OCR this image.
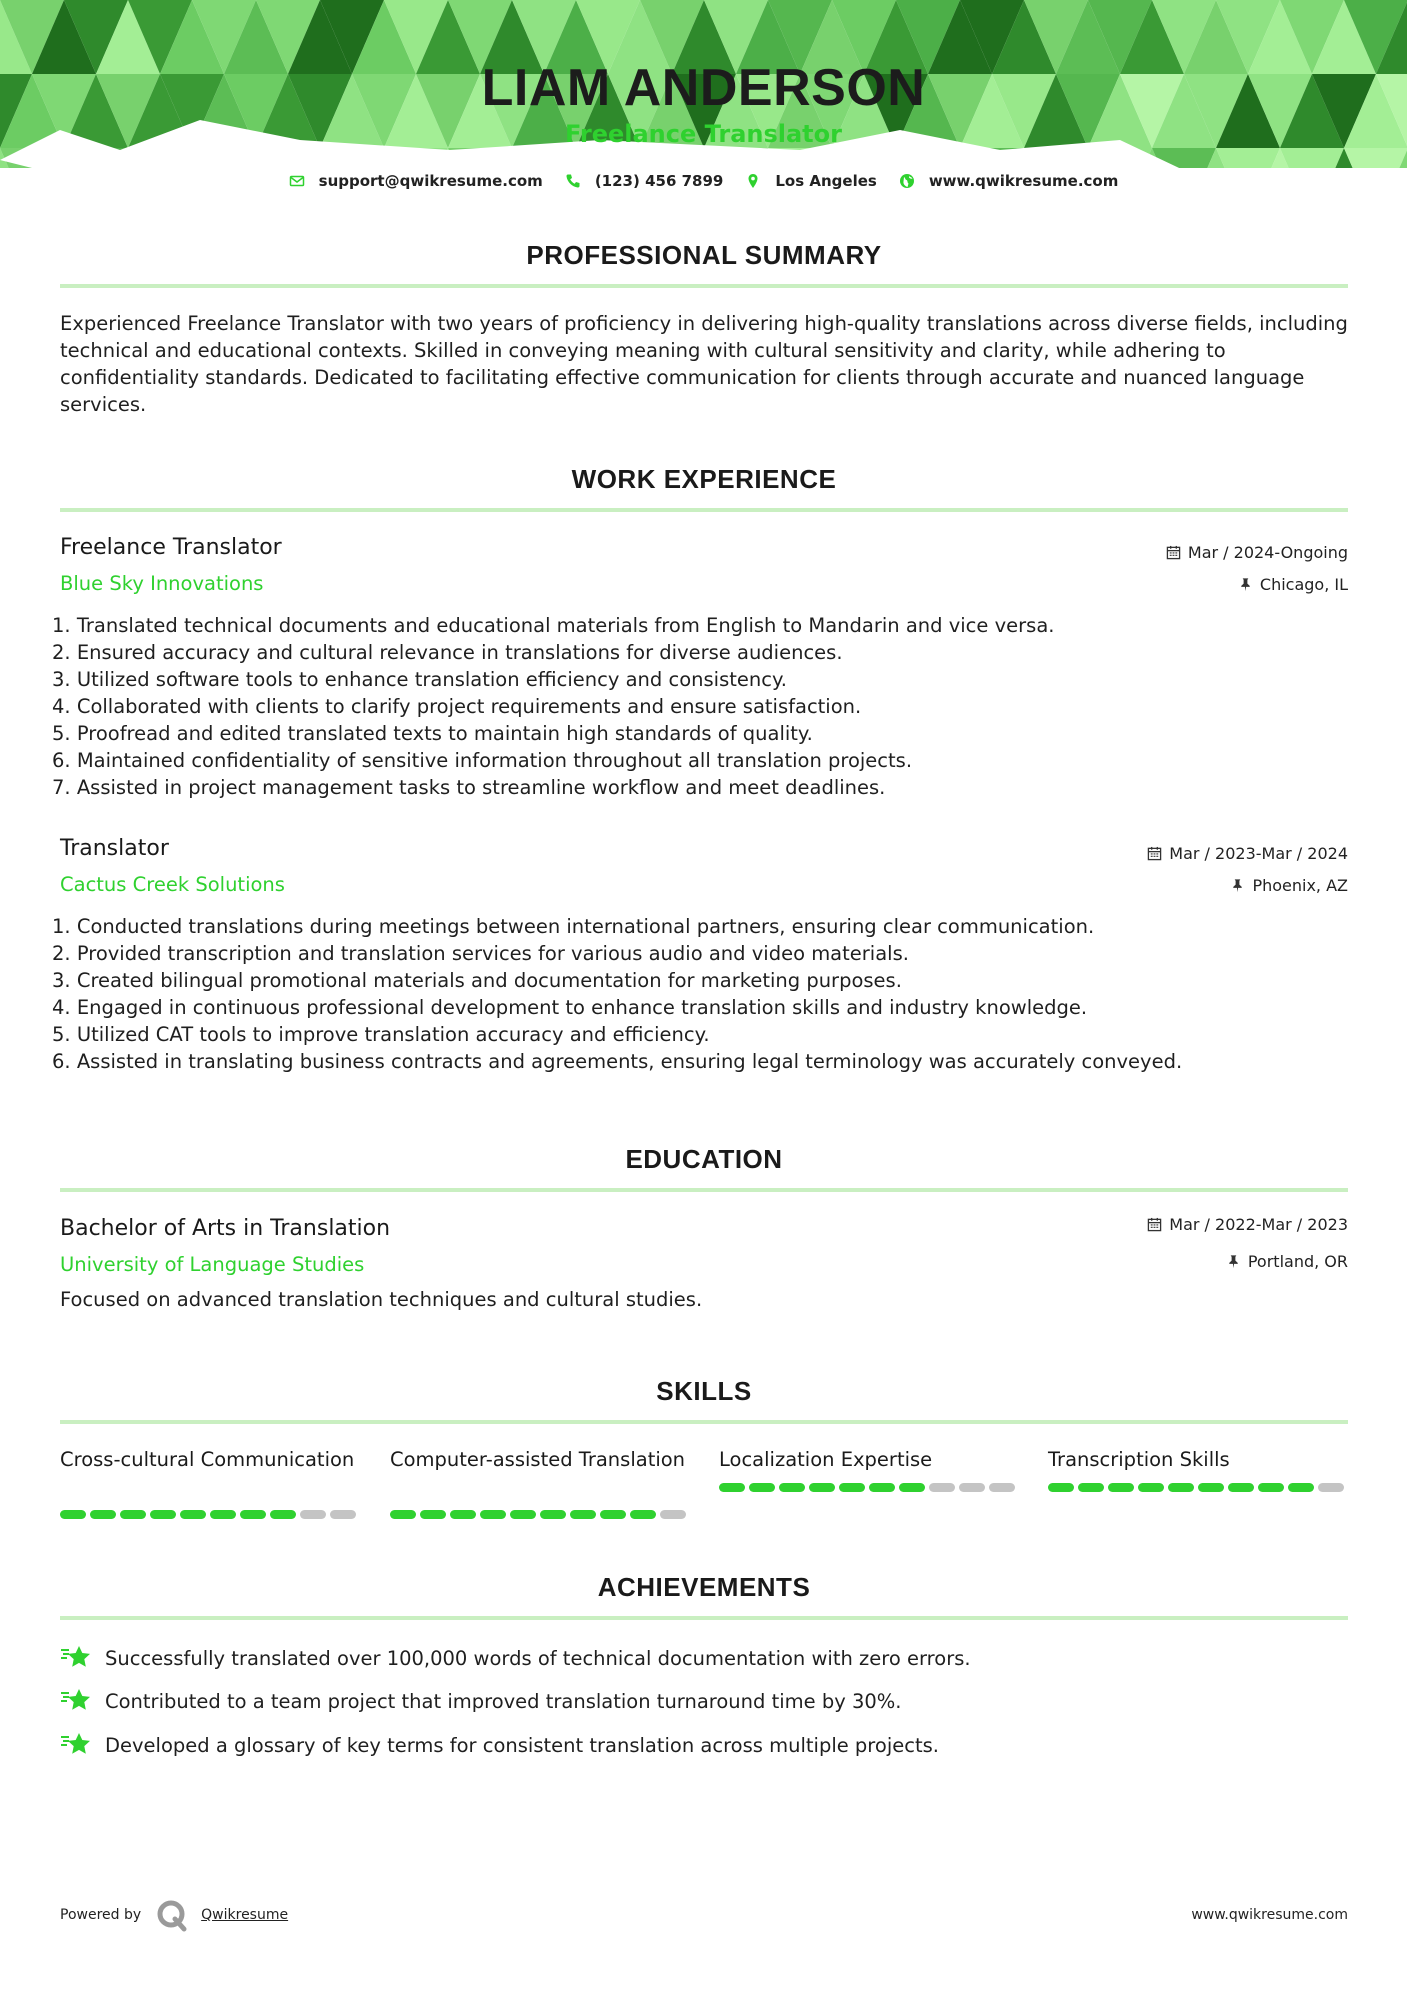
LIAM ANDERSON
Freelance Translator
support@qwikresume.com	(123) 456 7899	Los Angeles	www.qwikresume.com
PROFESSIONAL SUMMARY
Experienced Freelance Translator with two years of proficiency in delivering high-quality translations across diverse fields, including technical and educational contexts. Skilled in conveying meaning with cultural sensitivity and clarity, while adhering to confidentiality standards. Dedicated to facilitating effective communication for clients through accurate and nuanced language services.
WORK EXPERIENCE
Freelance Translator
Blue Sky Innovations
Mar / 2024-Ongoing
Chicago, IL
Translated technical documents and educational materials from English to Mandarin and vice versa.
Ensured accuracy and cultural relevance in translations for diverse audiences.
Utilized software tools to enhance translation efficiency and consistency.
Collaborated with clients to clarify project requirements and ensure satisfaction.
Proofread and edited translated texts to maintain high standards of quality.
Maintained confidentiality of sensitive information throughout all translation projects.
Assisted in project management tasks to streamline workflow and meet deadlines.
Translator
Cactus Creek Solutions
Mar / 2023-Mar / 2024
Phoenix, AZ
Conducted translations during meetings between international partners, ensuring clear communication.
Provided transcription and translation services for various audio and video materials.
Created bilingual promotional materials and documentation for marketing purposes.
Engaged in continuous professional development to enhance translation skills and industry knowledge.
Utilized CAT tools to improve translation accuracy and efficiency.
Assisted in translating business contracts and agreements, ensuring legal terminology was accurately conveyed.
EDUCATION
Bachelor of Arts in Translation
University of Language Studies
Mar / 2022-Mar / 2023
Portland, OR
Focused on advanced translation techniques and cultural studies.
SKILLS
Cross-cultural Communication Computer-assisted Translation Localization Expertise	Transcription Skills
ACHIEVEMENTS
Successfully translated over 100,000 words of technical documentation with zero errors.
Contributed to a team project that improved translation turnaround time by 30%.
Developed a glossary of key terms for consistent translation across multiple projects.
Powered by	Qwikresume	www.qwikresume.com
